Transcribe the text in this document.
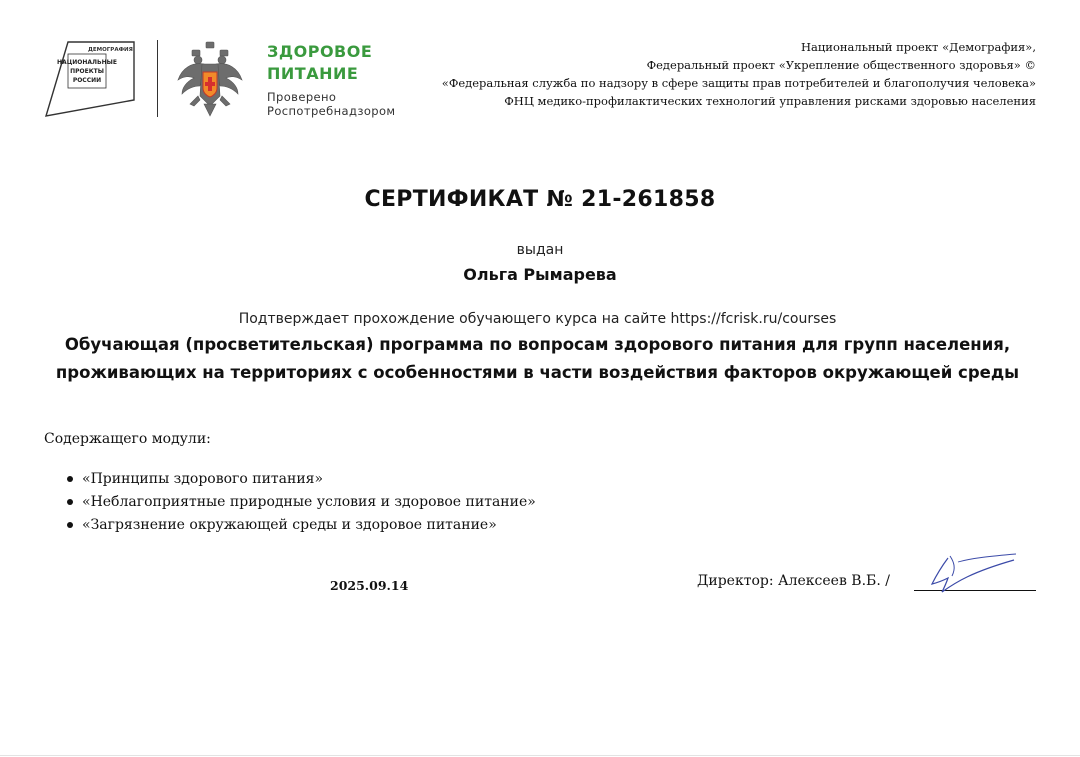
ДЕМОГРАФИЯ
НАЦИОНАЛЬНЫЕ
ПРОЕКТЫ
РОССИИ
ЗДОРОВОЕ ПИТАНИЕ
Проверено Роспотребнадзором
Национальный проект «Демография»,
Федеральный проект «Укрепление общественного здоровья» ©
«Федеральная служба по надзору в сфере защиты прав потребителей и благополучия человека»
ФНЦ медико-профилактических технологий управления рисками здоровью населения
СЕРТИФИКАТ № 21-261858
выдан
Ольга Рымарева
Подтверждает прохождение обучающего курса на сайте https://fcrisk.ru/courses
Обучающая (просветительская) программа по вопросам здорового питания для групп населения, проживающих на территориях с особенностями в части воздействия факторов окружающей среды
Содержащего модули:
«Принципы здорового питания»
«Неблагоприятные природные условия и здоровое питание»
«Загрязнение окружающей среды и здоровое питание»
2025.09.14	Директор: Алексеев В.Б. /
